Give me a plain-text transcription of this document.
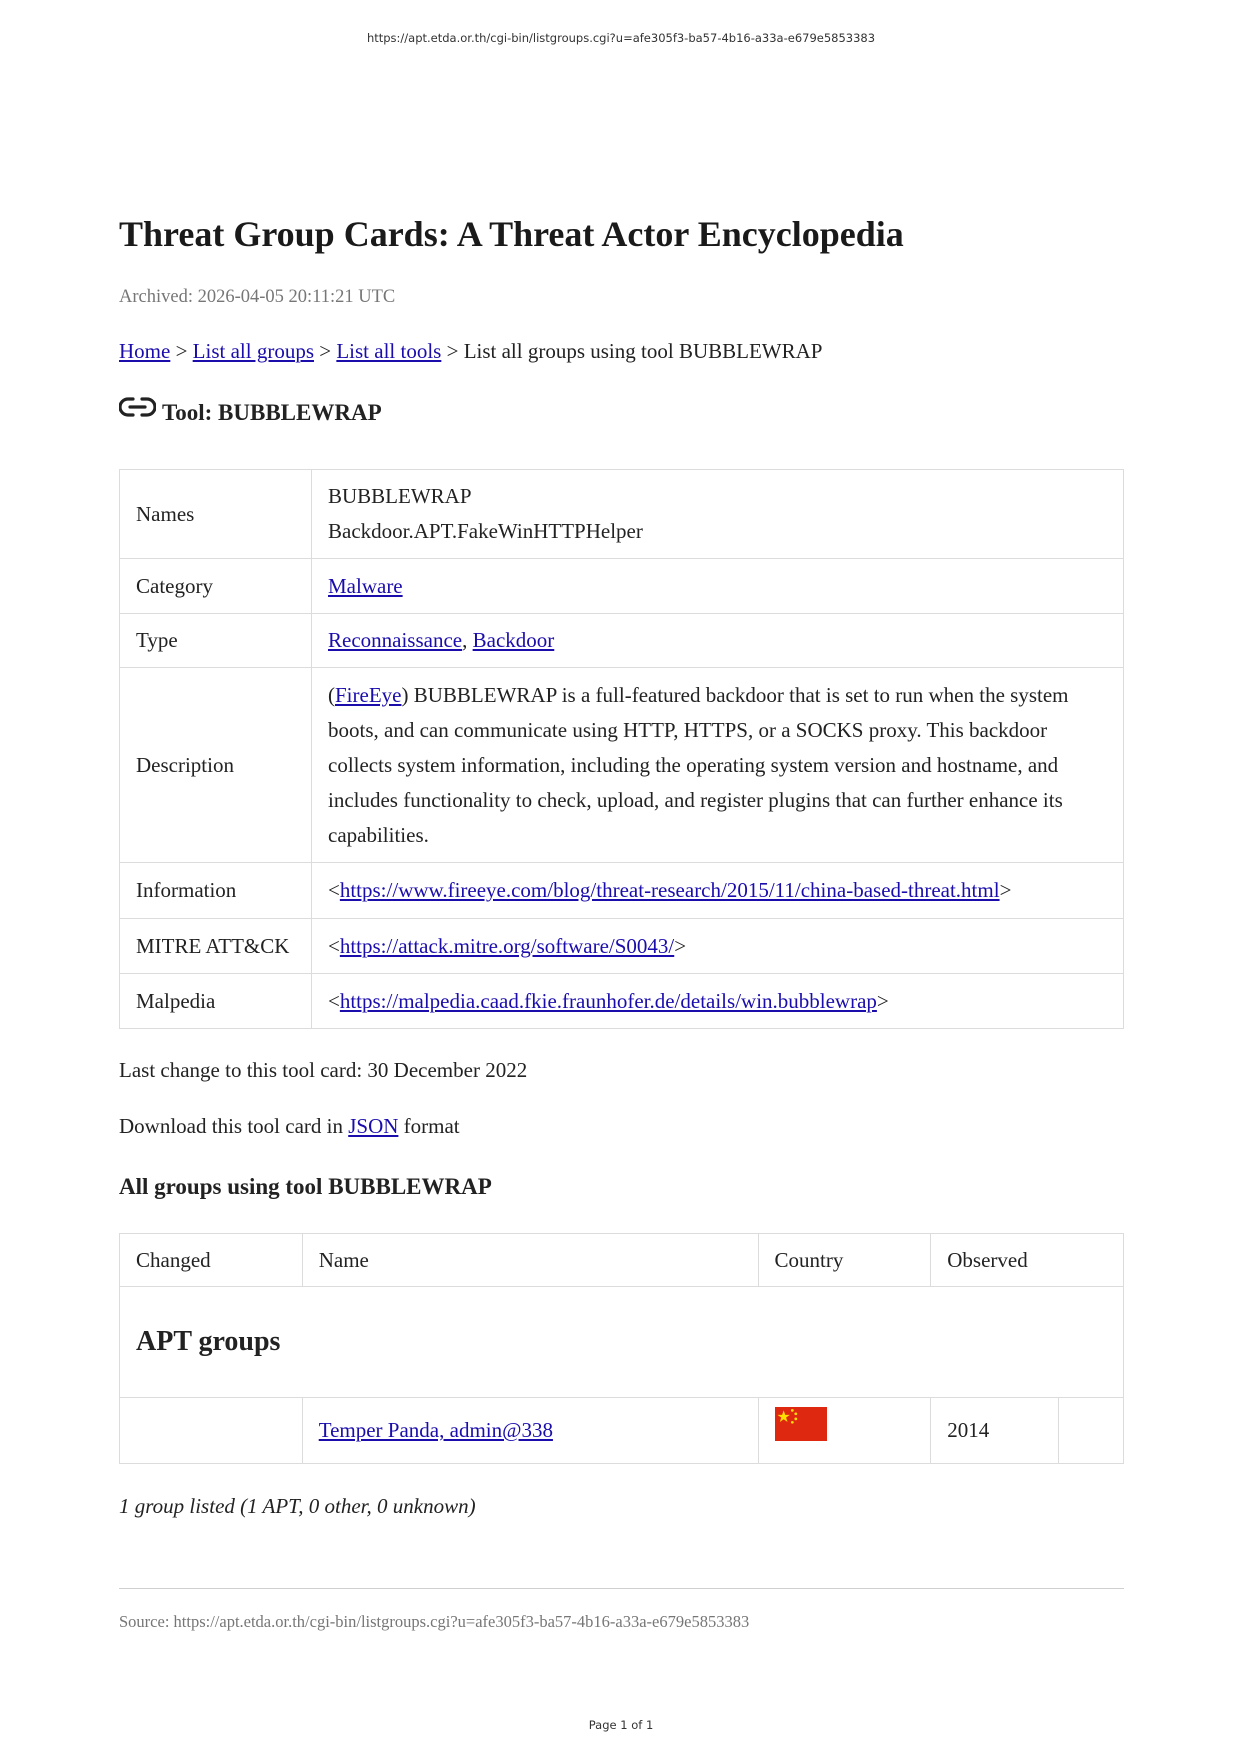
https://apt.etda.or.th/cgi-bin/listgroups.cgi?u=afe305f3-ba57-4b16-a33a-e679e5853383
Threat Group Cards: A Threat Actor Encyclopedia
Archived: 2026-04-05 20:11:21 UTC
Home > List all groups > List all tools > List all groups using tool BUBBLEWRAP
Tool: BUBBLEWRAP
Names	BUBBLEWRAP
Backdoor.APT.FakeWinHTTPHelper

Category	Malware
Type	Reconnaissance, Backdoor
Description	(FireEye) BUBBLEWRAP is a full-featured backdoor that is set to run when the system
boots, and can communicate using HTTP, HTTPS, or a SOCKS proxy. This backdoor
collects system information, including the operating system version and hostname, and
includes functionality to check, upload, and register plugins that can further enhance its
capabilities.

Information	<https://www.fireeye.com/blog/threat-research/2015/11/china-based-threat.html>
MITRE ATT&CK	<https://attack.mitre.org/software/S0043/>
Malpedia	<https://malpedia.caad.fkie.fraunhofer.de/details/win.bubblewrap>
Last change to this tool card: 30 December 2022
Download this tool card in JSON format
All groups using tool BUBBLEWRAP
Changed	Name	Country	Observed	
APT groups				
	Temper Panda, admin@338		2014	
1 group listed (1 APT, 0 other, 0 unknown)
Source: https://apt.etda.or.th/cgi-bin/listgroups.cgi?u=afe305f3-ba57-4b16-a33a-e679e5853383
Page 1 of 1
